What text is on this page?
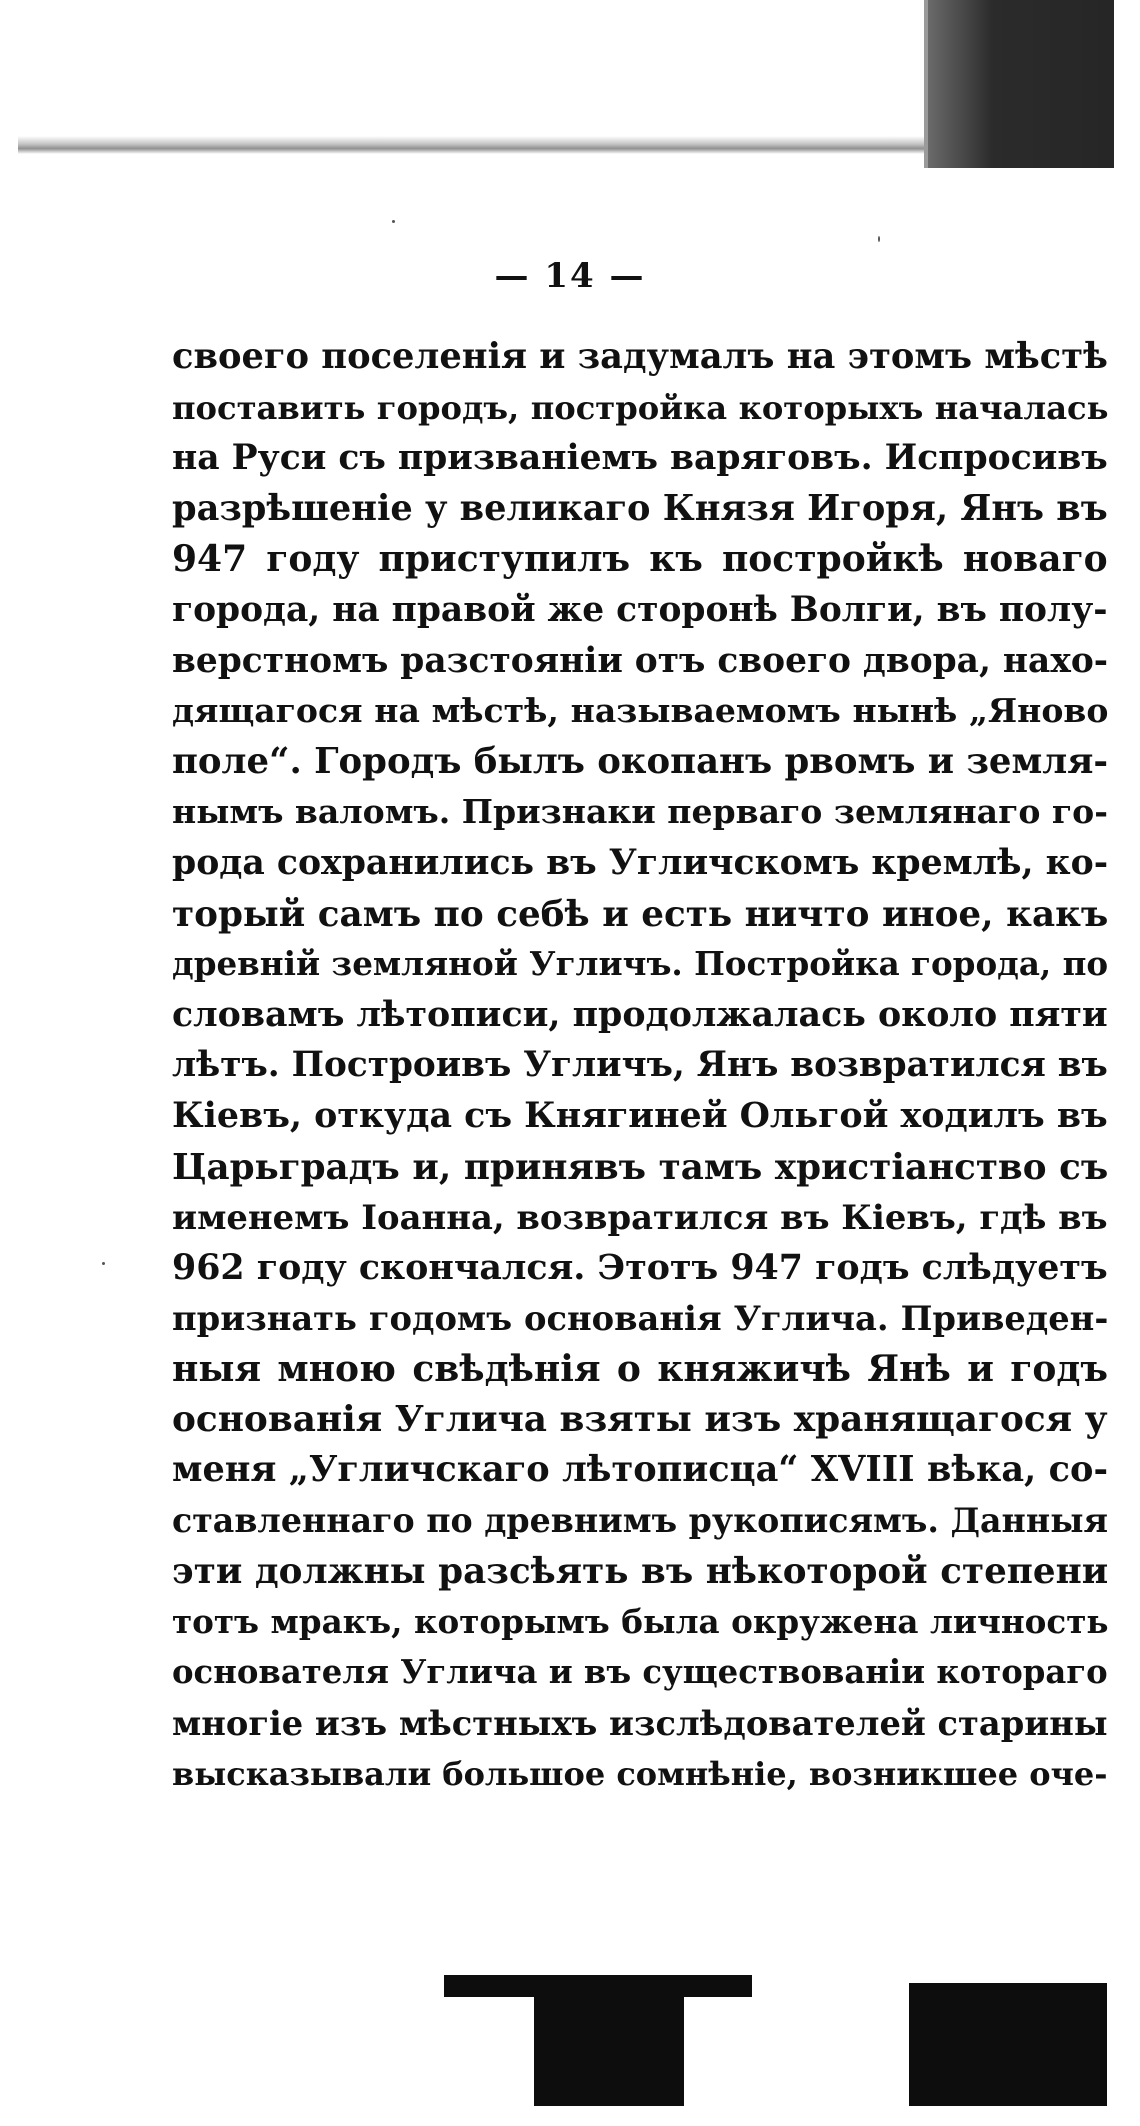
— 14 —
своего поселенія и задумалъ на этомъ мѣстѣ
поставить городъ, постройка которыхъ началась
на Руси съ призваніемъ варяговъ. Испросивъ
разрѣшеніе у великаго Князя Игоря, Янъ въ
947 году приступилъ къ постройкѣ новаго
города, на правой же сторонѣ Волги, въ полу-
верстномъ разстояніи отъ своего двора, нахо-
дящагося на мѣстѣ, называемомъ нынѣ „Яново
поле“. Городъ былъ окопанъ рвомъ и земля-
нымъ валомъ. Признаки перваго землянаго го-
рода сохранились въ Угличскомъ кремлѣ, ко-
торый самъ по себѣ и есть ничто иное, какъ
древній земляной Угличъ. Постройка города, по
словамъ лѣтописи, продолжалась около пяти
лѣтъ. Построивъ Угличъ, Янъ возвратился въ
Кіевъ, откуда съ Княгиней Ольгой ходилъ въ
Царьградъ и, принявъ тамъ христіанство съ
именемъ Іоанна, возвратился въ Кіевъ, гдѣ въ
962 году скончался. Этотъ 947 годъ слѣдуетъ
признать годомъ основанія Углича. Приведен-
ныя мною свѣдѣнія о княжичѣ Янѣ и годъ
основанія Углича взяты изъ хранящагося у
меня „Угличскаго лѣтописца“ XVIII вѣка, со-
ставленнаго по древнимъ рукописямъ. Данныя
эти должны разсѣять въ нѣкоторой степени
тотъ мракъ, которымъ была окружена личность
основателя Углича и въ существованіи котораго
многіе изъ мѣстныхъ изслѣдователей старины
высказывали большое сомнѣніе, возникшее оче-
